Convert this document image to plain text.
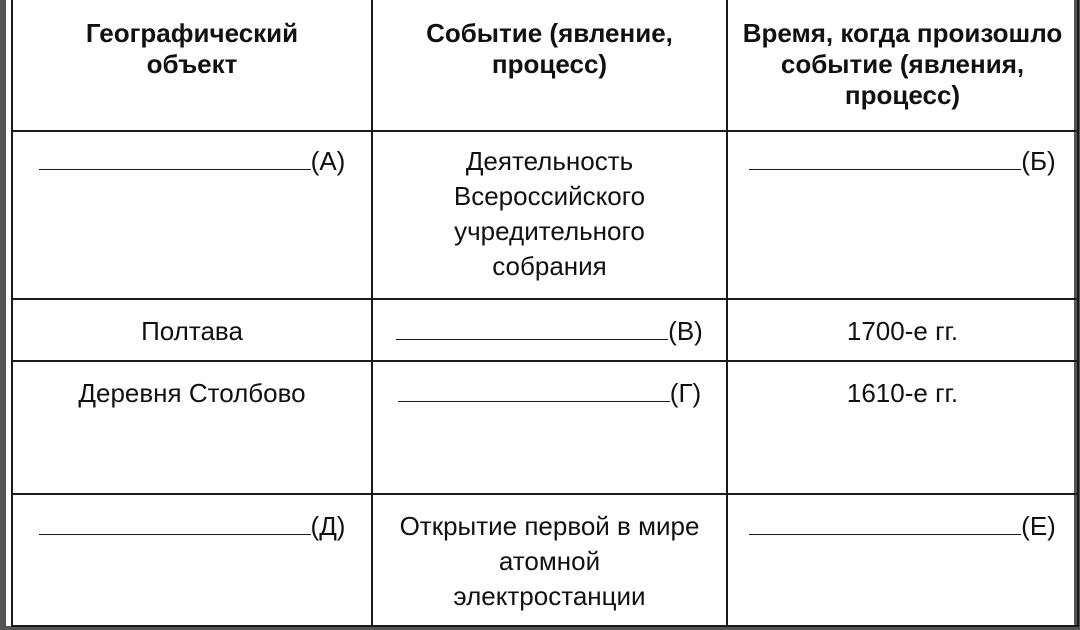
Географический объект	Событие (явление, процесс)	Время, когда произошло событие (явления, процесс)

(А)	Деятельность Всероссийского учредительного собрания	(Б)

Полтава	(В)	1700-е гг.

Деревня Столбово	(Г)	1610-е гг.

(Д)	Открытие первой в мире атомной электростанции	(Е)
